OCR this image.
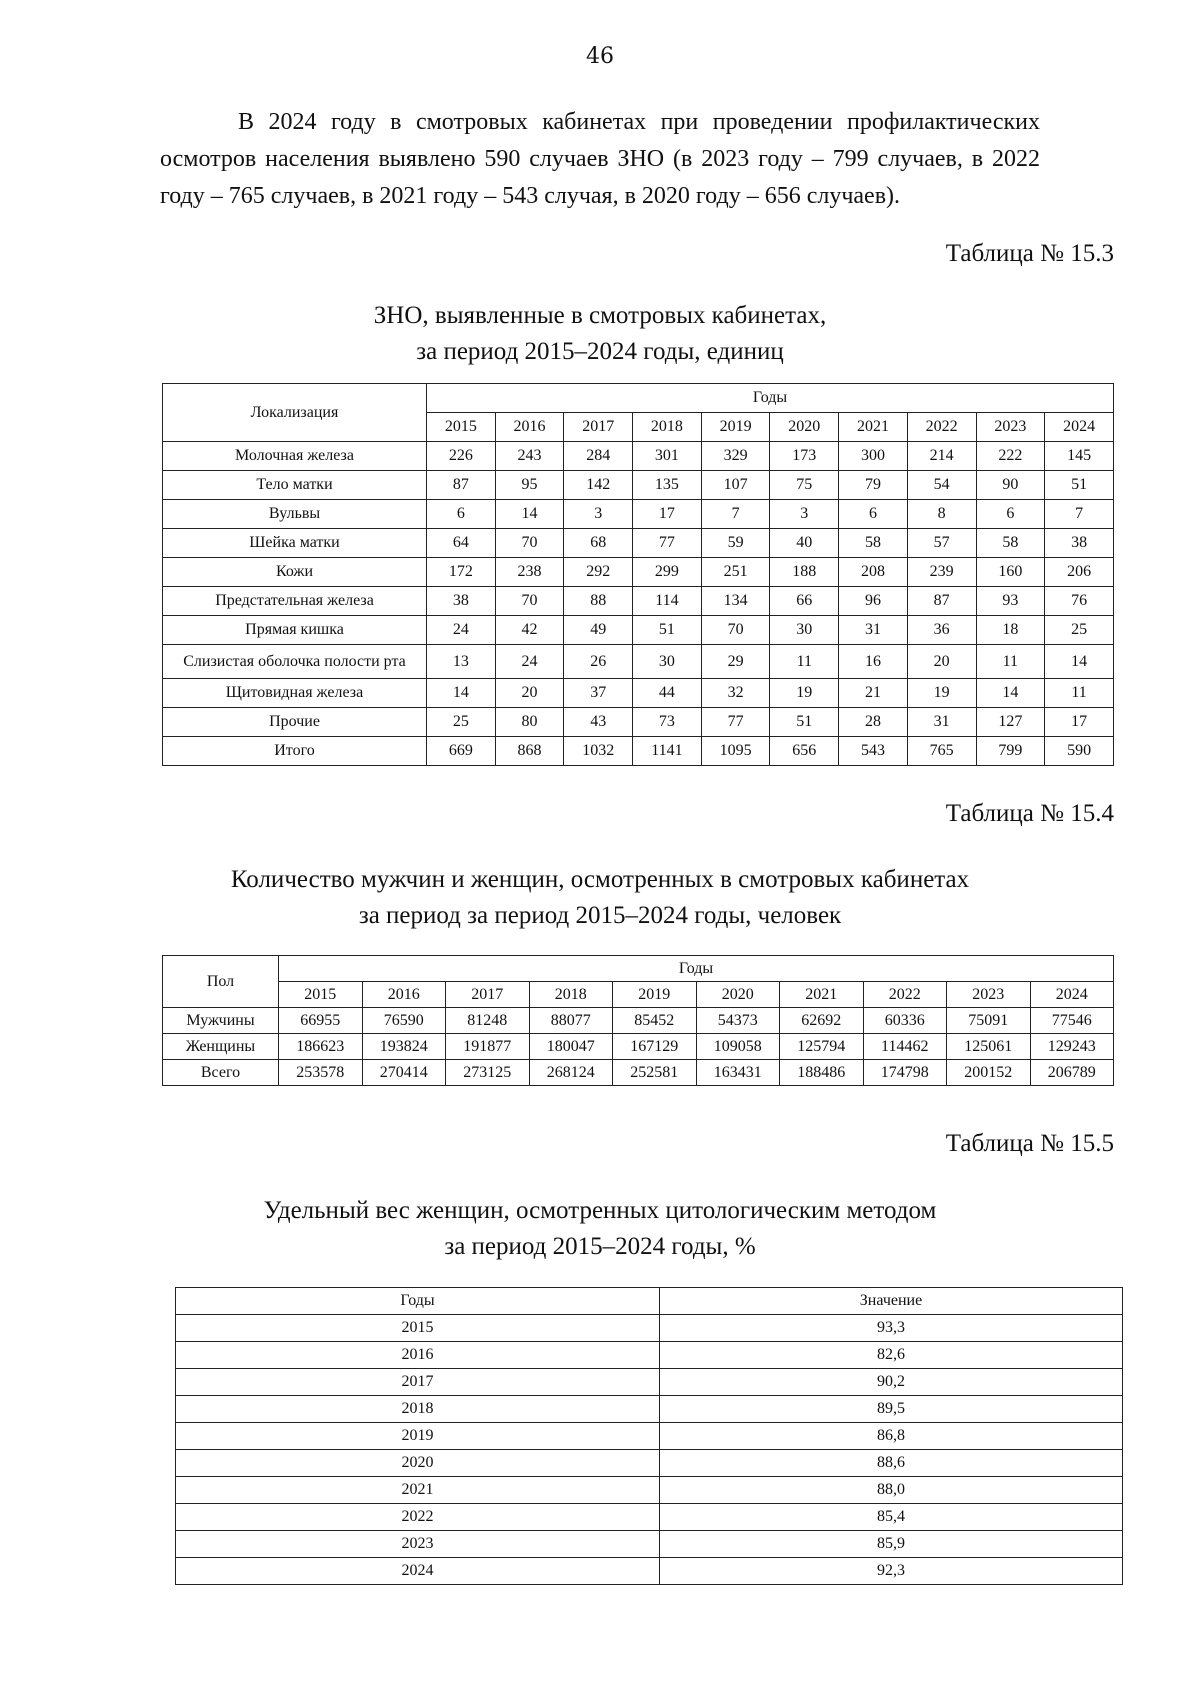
46

В 2024 году в смотровых кабинетах при проведении профилактических осмотров населения выявлено 590 случаев ЗНО (в 2023 году – 799 случаев, в 2022 году – 765 случаев, в 2021 году – 543 случая, в 2020 году – 656 случаев).

Таблица № 15.3
ЗНО, выявленные в смотровых кабинетах,
за период 2015–2024 годы, единиц
Локализация	Годы									
	2015	2016	2017	2018	2019	2020	2021	2022	2023	2024
Молочная железа	226	243	284	301	329	173	300	214	222	145
Тело матки	87	95	142	135	107	75	79	54	90	51
Вульвы	6	14	3	17	7	3	6	8	6	7
Шейка матки	64	70	68	77	59	40	58	57	58	38
Кожи	172	238	292	299	251	188	208	239	160	206
Предстательная железа	38	70	88	114	134	66	96	87	93	76
Прямая кишка	24	42	49	51	70	30	31	36	18	25
Слизистая оболочка полости рта	13	24	26	30	29	11	16	20	11	14
Щитовидная железа	14	20	37	44	32	19	21	19	14	11
Прочие	25	80	43	73	77	51	28	31	127	17
Итого	669	868	1032	1141	1095	656	543	765	799	590
Таблица № 15.4
Количество мужчин и женщин, осмотренных в смотровых кабинетах
за период за период 2015–2024 годы, человек
Пол	Годы									
	2015	2016	2017	2018	2019	2020	2021	2022	2023	2024
Мужчины	66955	76590	81248	88077	85452	54373	62692	60336	75091	77546
Женщины	186623	193824	191877	180047	167129	109058	125794	114462	125061	129243
Всего	253578	270414	273125	268124	252581	163431	188486	174798	200152	206789
Таблица № 15.5
Удельный вес женщин, осмотренных цитологическим методом
за период 2015–2024 годы, %
Годы	Значение
2015	93,3
2016	82,6
2017	90,2
2018	89,5
2019	86,8
2020	88,6
2021	88,0
2022	85,4
2023	85,9
2024	92,3
